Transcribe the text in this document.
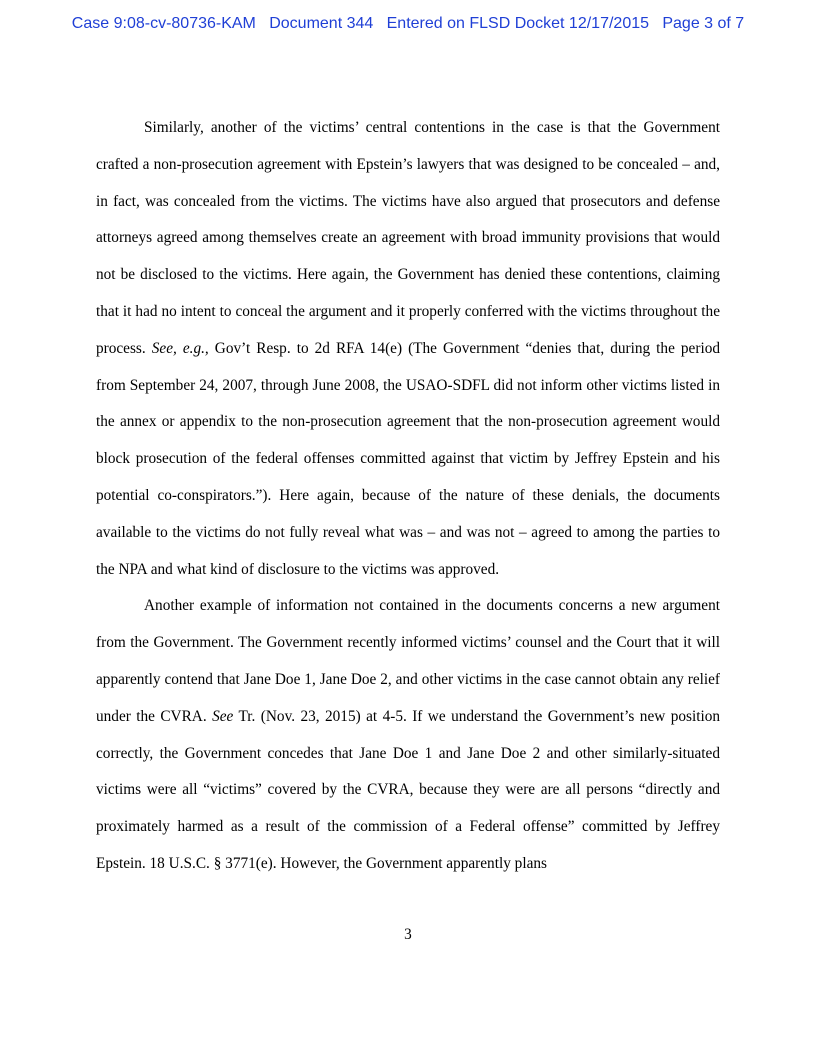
Case 9:08-cv-80736-KAM   Document 344   Entered on FLSD Docket 12/17/2015   Page 3 of 7

Similarly, another of the victims’ central contentions in the case is that the Government crafted a non-prosecution agreement with Epstein’s lawyers that was designed to be concealed – and, in fact, was concealed from the victims. The victims have also argued that prosecutors and defense attorneys agreed among themselves create an agreement with broad immunity provisions that would not be disclosed to the victims. Here again, the Government has denied these contentions, claiming that it had no intent to conceal the argument and it properly conferred with the victims throughout the process. See, e.g., Gov’t Resp. to 2d RFA 14(e) (The Government “denies that, during the period from September 24, 2007, through June 2008, the USAO-SDFL did not inform other victims listed in the annex or appendix to the non-prosecution agreement that the non-prosecution agreement would block prosecution of the federal offenses committed against that victim by Jeffrey Epstein and his potential co-conspirators.”). Here again, because of the nature of these denials, the documents available to the victims do not fully reveal what was – and was not – agreed to among the parties to the NPA and what kind of disclosure to the victims was approved.

Another example of information not contained in the documents concerns a new argument from the Government. The Government recently informed victims’ counsel and the Court that it will apparently contend that Jane Doe 1, Jane Doe 2, and other victims in the case cannot obtain any relief under the CVRA. See Tr. (Nov. 23, 2015) at 4-5. If we understand the Government’s new position correctly, the Government concedes that Jane Doe 1 and Jane Doe 2 and other similarly-situated victims were all “victims” covered by the CVRA, because they were are all persons “directly and proximately harmed as a result of the commission of a Federal offense” committed by Jeffrey Epstein. 18 U.S.C. § 3771(e). However, the Government apparently plans

3
